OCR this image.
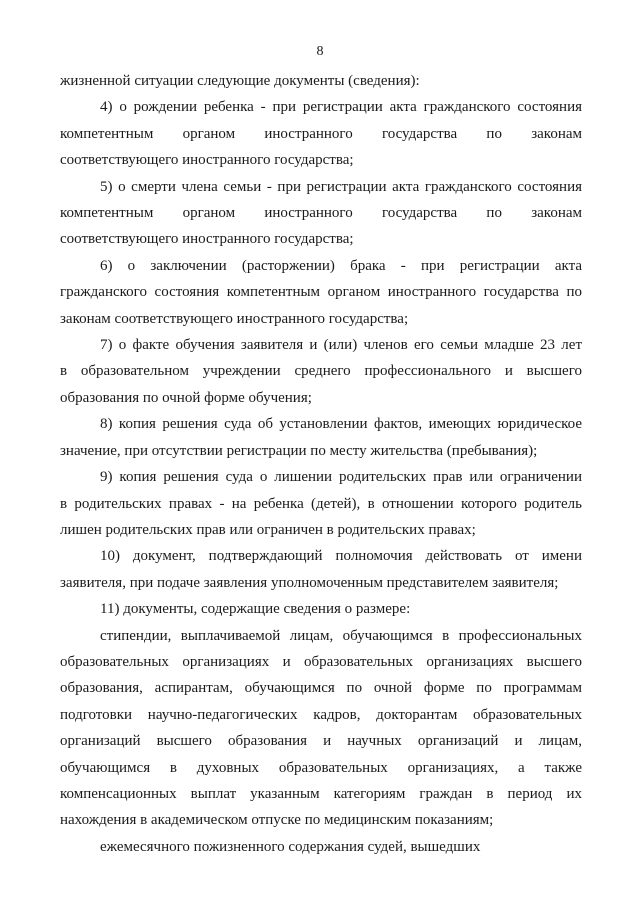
8
жизненной ситуации следующие документы (сведения):
4) о рождении ребенка - при регистрации акта гражданского состояния
компетентным органом иностранного государства по законам
соответствующего иностранного государства;
5) о смерти члена семьи - при регистрации акта гражданского состояния
компетентным органом иностранного государства по законам
соответствующего иностранного государства;
6) о заключении (расторжении) брака - при регистрации акта
гражданского состояния компетентным органом иностранного государства по
законам соответствующего иностранного государства;
7) о факте обучения заявителя и (или) членов его семьи младше 23 лет
в образовательном учреждении среднего профессионального и высшего
образования по очной форме обучения;
8) копия решения суда об установлении фактов, имеющих юридическое
значение, при отсутствии регистрации по месту жительства (пребывания);
9) копия решения суда о лишении родительских прав или ограничении
в родительских правах - на ребенка (детей), в отношении которого родитель
лишен родительских прав или ограничен в родительских правах;
10) документ, подтверждающий полномочия действовать от имени
заявителя, при подаче заявления уполномоченным представителем заявителя;
11) документы, содержащие сведения о размере:
стипендии, выплачиваемой лицам, обучающимся в профессиональных
образовательных организациях и образовательных организациях высшего
образования, аспирантам, обучающимся по очной форме по программам
подготовки научно-педагогических кадров, докторантам образовательных
организаций высшего образования и научных организаций и лицам,
обучающимся в духовных образовательных организациях, а также
компенсационных выплат указанным категориям граждан в период их
нахождения в академическом отпуске по медицинским показаниям;
ежемесячного пожизненного содержания судей, вышедших
